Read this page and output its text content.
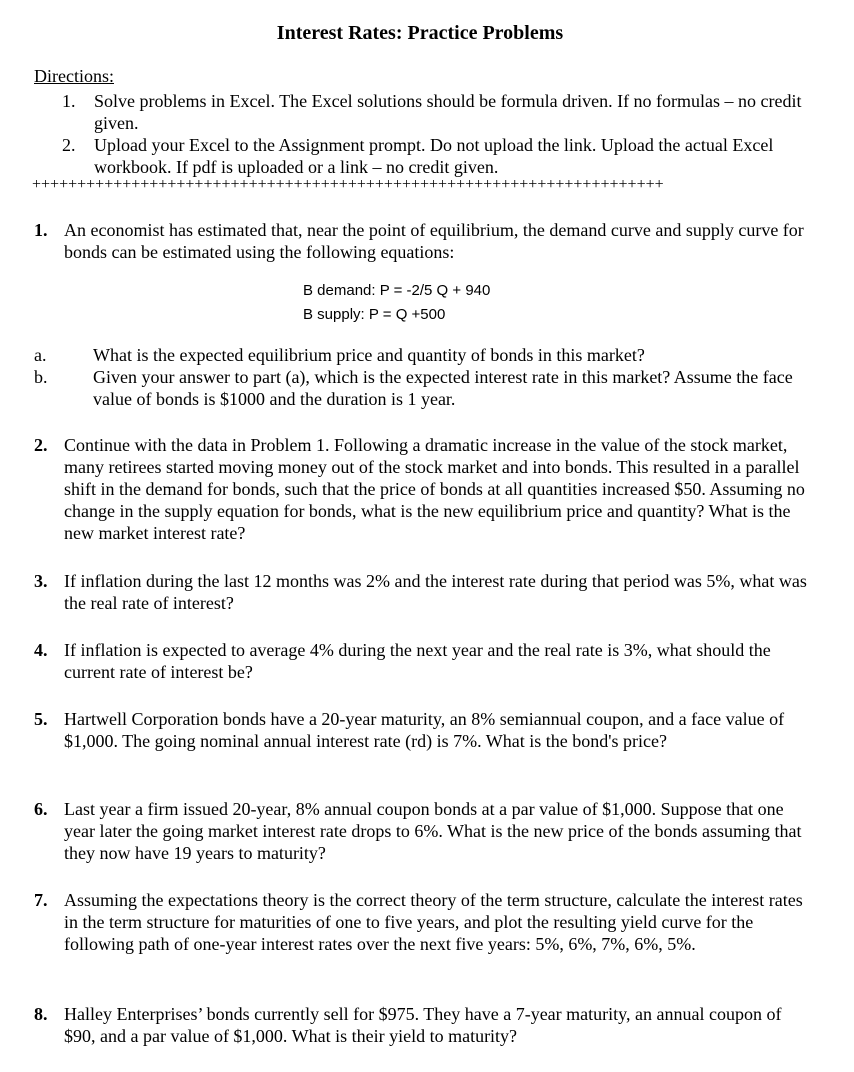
Interest Rates: Practice Problems
Directions:
1.	Solve problems in Excel. The Excel solutions should be formula driven. If no formulas – no credit given.
2.	Upload your Excel to the Assignment prompt. Do not upload the link. Upload the actual Excel workbook. If pdf is uploaded or a link – no credit given.
++++++++++++++++++++++++++++++++++++++++++++++++++++++++++++++++++++++
1. An economist has estimated that, near the point of equilibrium, the demand curve and supply curve for bonds can be estimated using the following equations:
B demand: P = -2/5 Q + 940
B supply: P = Q +500
a.	What is the expected equilibrium price and quantity of bonds in this market?
b.	Given your answer to part (a), which is the expected interest rate in this market? Assume the face value of bonds is $1000 and the duration is 1 year.
2. Continue with the data in Problem 1. Following a dramatic increase in the value of the stock market, many retirees started moving money out of the stock market and into bonds. This resulted in a parallel shift in the demand for bonds, such that the price of bonds at all quantities increased $50. Assuming no change in the supply equation for bonds, what is the new equilibrium price and quantity? What is the new market interest rate?
3. If inflation during the last 12 months was 2% and the interest rate during that period was 5%, what was the real rate of interest?
4. If inflation is expected to average 4% during the next year and the real rate is 3%, what should the current rate of interest be?
5. Hartwell Corporation bonds have a 20-year maturity, an 8% semiannual coupon, and a face value of $1,000. The going nominal annual interest rate (rd) is 7%. What is the bond's price?
6. Last year a firm issued 20-year, 8% annual coupon bonds at a par value of $1,000. Suppose that one year later the going market interest rate drops to 6%. What is the new price of the bonds assuming that they now have 19 years to maturity?
7. Assuming the expectations theory is the correct theory of the term structure, calculate the interest rates in the term structure for maturities of one to five years, and plot the resulting yield curve for the following path of one-year interest rates over the next five years: 5%, 6%, 7%, 6%, 5%.
8. Halley Enterprises’ bonds currently sell for $975. They have a 7-year maturity, an annual coupon of $90, and a par value of $1,000. What is their yield to maturity?
